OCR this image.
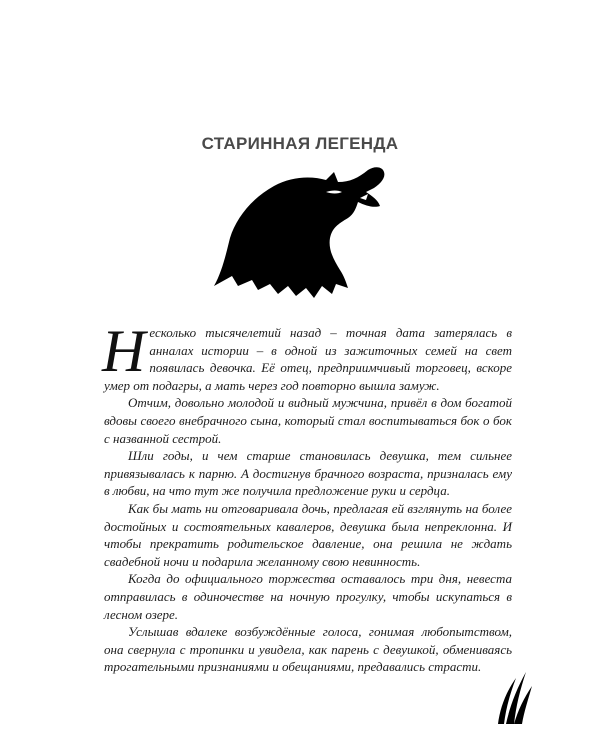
СТАРИННАЯ ЛЕГЕНДА

Несколько тысячелетий назад – точная дата затерялась в анналах истории – в одной из зажиточных семей на свет появилась девочка. Её отец, предприимчивый торговец, вскоре умер от подагры, а мать через год повторно вышла замуж.

Отчим, довольно молодой и видный мужчина, привёл в дом богатой вдовы своего внебрачного сына, который стал воспитываться бок о бок с названной сестрой.

Шли годы, и чем старше становилась девушка, тем сильнее привязывалась к парню. А достигнув брачного возраста, призналась ему в любви, на что тут же получила предложение руки и сердца.

Как бы мать ни отговаривала дочь, предлагая ей взглянуть на более достойных и состоятельных кавалеров, девушка была непреклонна. И чтобы прекратить родительское давление, она решила не ждать свадебной ночи и подарила желанному свою невинность.

Когда до официального торжества оставалось три дня, невеста отправилась в одиночестве на ночную прогулку, чтобы искупаться в лесном озере.

Услышав вдалеке возбуждённые голоса, гонимая любопытством, она свернула с тропинки и увидела, как парень с девушкой, обмениваясь трогательными признаниями и обещаниями, предавались страсти.
